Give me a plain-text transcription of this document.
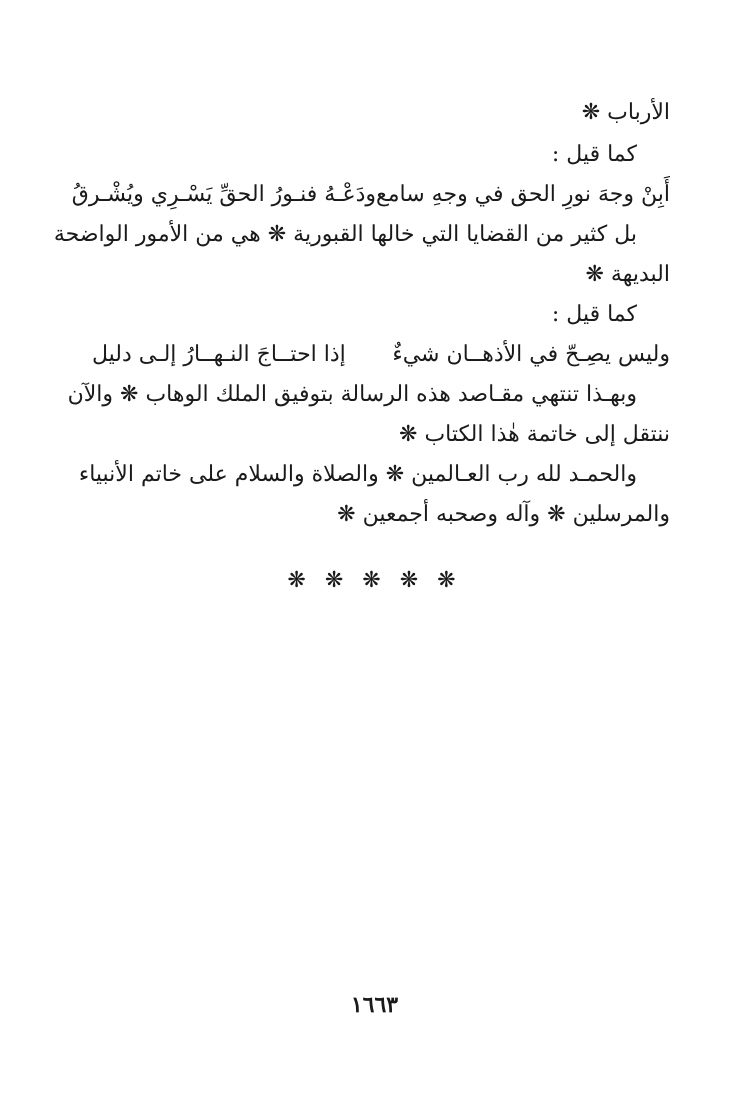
الأرباب ❋
كما قيل :
أَبِنْ وجهَ نورِ الحق في وجهِ سامع
ودَعْـهُ فنـورُ الحقِّ يَسْـرِي ويُشْـرقُ
بل كثير من القضايا التي خالها القبورية ❋ هي من الأمور الواضحة
البديهة ❋
كما قيل :
وليس يصِـحّ في الأذهــان شيءٌ
إذا احتــاجَ النـهــارُ إلـى دليل
وبهـذا تنتهي مقـاصد هذه الرسالة بتوفيق الملك الوهاب ❋ والآن
ننتقل إلى خاتمة هٰذا الكتاب ❋
والحمـد لله رب العـالمين ❋ والصلاة والسلام على خاتم الأنبياء
والمرسلين ❋ وآله وصحبه أجمعين ❋
❋ ❋ ❋ ❋ ❋
١٦٦٣
